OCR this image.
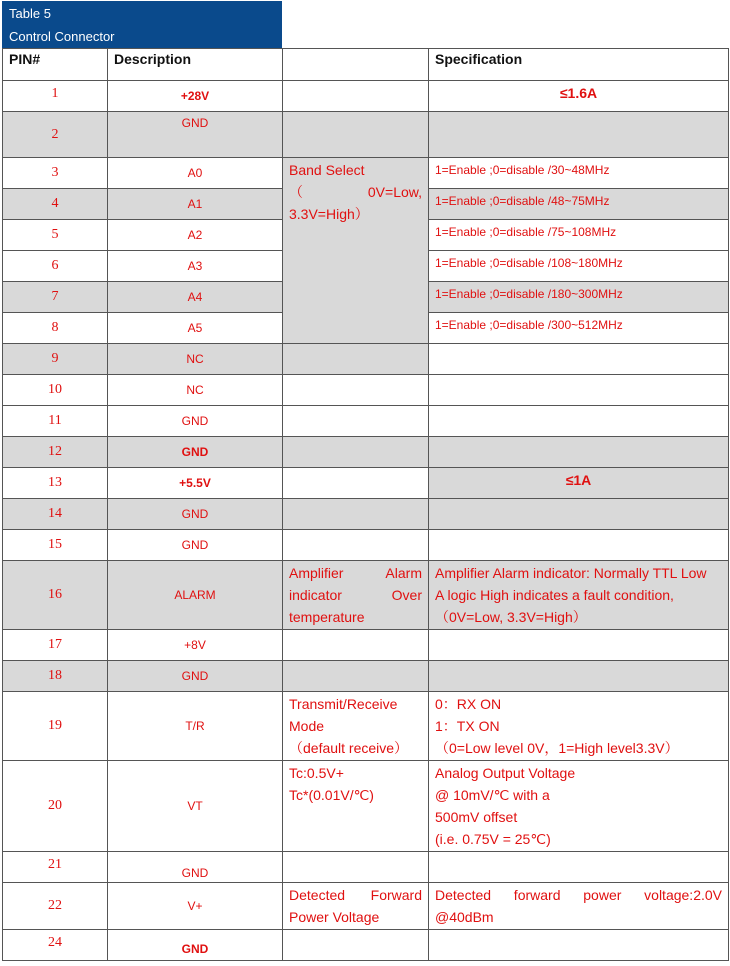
Table 5
Control Connector
PIN#	Description		Specification
1	+28V		≤1.6A
2	GND		
3	A0	Band Select
（ 0V=Low,
3.3V=High）	1=Enable ;0=disable /30~48MHz
4	A1		1=Enable ;0=disable /48~75MHz
5	A2		1=Enable ;0=disable /75~108MHz
6	A3		1=Enable ;0=disable /108~180MHz
7	A4		1=Enable ;0=disable /180~300MHz
8	A5		1=Enable ;0=disable /300~512MHz
9	NC		
10	NC		
11	GND		
12	GND		
13	+5.5V		≤1A
14	GND		
15	GND		
16	ALARM	Amplifier Alarm
indicator Over
temperature	Amplifier Alarm indicator: Normally TTL Low
A logic High indicates a fault condition,
（0V=Low, 3.3V=High）

17	+8V		
18	GND		
19	T/R	Transmit/Receive
Mode
（default receive）	0：RX ON
1：TX ON
（0=Low level 0V，1=High level3.3V）

20	VT	Tc:0.5V+
Tc*(0.01V/℃)	Analog Output Voltage
@ 10mV/℃ with a
500mV offset
(i.e. 0.75V = 25℃)

21	GND		
22	V+	Detected Forward
Power Voltage	Detected forward power voltage:2.0V
@40dBm

24	GND		
